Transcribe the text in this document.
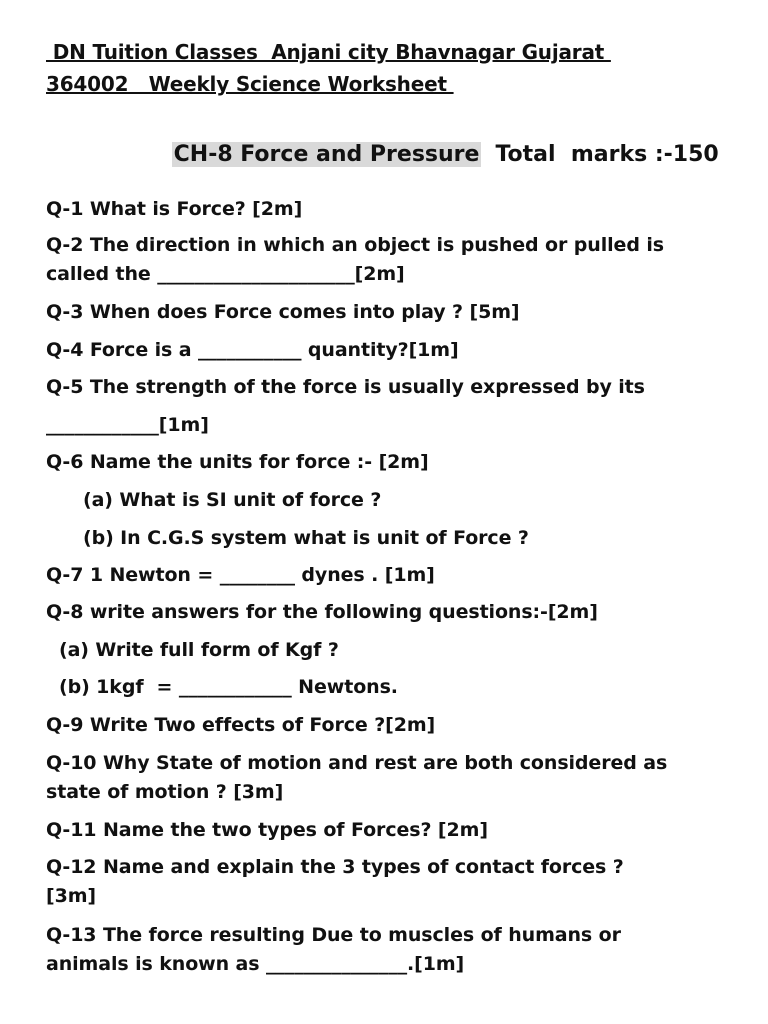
DN Tuition Classes  Anjani city Bhavnagar Gujarat
364002   Weekly Science Worksheet

CH-8 Force and Pressure Total  marks :-150

Q-1 What is Force? [2m]
Q-2 The direction in which an object is pushed or pulled is
called the _____________________[2m]
Q-3 When does Force comes into play ? [5m]
Q-4 Force is a ___________ quantity?[1m]
Q-5 The strength of the force is usually expressed by its
____________[1m]
Q-6 Name the units for force :- [2m]
(a) What is SI unit of force ?
(b) In C.G.S system what is unit of Force ?
Q-7 1 Newton = ________ dynes . [1m]
Q-8 write answers for the following questions:-[2m]
(a) Write full form of Kgf ?
(b) 1kgf  = ____________ Newtons.
Q-9 Write Two effects of Force ?[2m]
Q-10 Why State of motion and rest are both considered as
state of motion ? [3m]
Q-11 Name the two types of Forces? [2m]
Q-12 Name and explain the 3 types of contact forces ?
[3m]
Q-13 The force resulting Due to muscles of humans or
animals is known as _______________.[1m]
